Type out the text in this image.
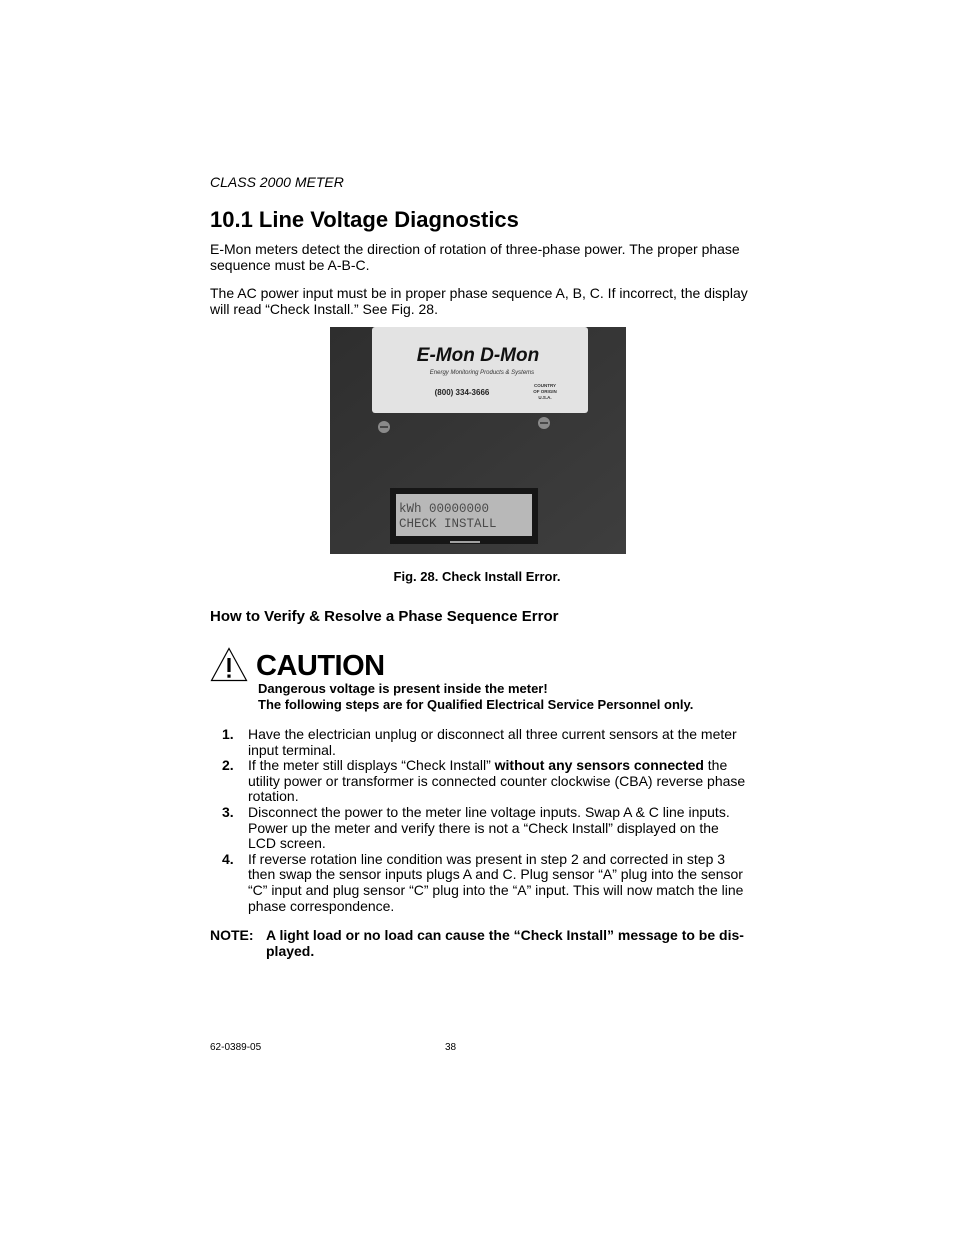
CLASS 2000 METER
10.1 Line Voltage Diagnostics
E-Mon meters detect the direction of rotation of three-phase power. The proper phase sequence must be A-B-C.
The AC power input must be in proper phase sequence A, B, C. If incorrect, the display will read “Check Install.” See Fig. 28.
E-Mon D-Mon
Energy Monitoring Products & Systems
(800) 334-3666
COUNTRY
OF ORIGIN
U.S.A.
kWh 00000000
CHECK INSTALL
Fig. 28. Check Install Error.
How to Verify & Resolve a Phase Sequence Error
CAUTION
Dangerous voltage is present inside the meter!
The following steps are for Qualified Electrical Service Personnel only.
1. Have the electrician unplug or disconnect all three current sensors at the meter input terminal.
2. If the meter still displays “Check Install” without any sensors connected the utility power or transformer is connected counter clockwise (CBA) reverse phase rotation.
3. Disconnect the power to the meter line voltage inputs. Swap A & C line inputs. Power up the meter and verify there is not a “Check Install” displayed on the LCD screen.
4. If reverse rotation line condition was present in step 2 and corrected in step 3 then swap the sensor inputs plugs A and C. Plug sensor “A” plug into the sensor “C” input and plug sensor “C” plug into the “A” input. This will now match the line phase correspondence.
NOTE: A light load or no load can cause the “Check Install” message to be dis-played.
62-0389-05	38
